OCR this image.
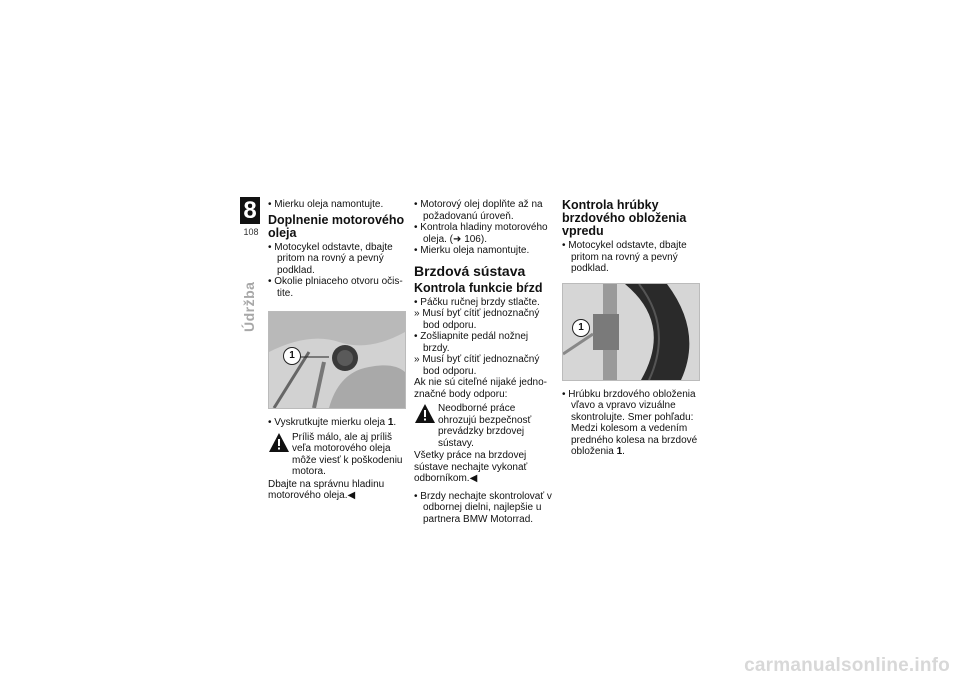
8
108
Údržba

• Mierku oleja namontujte.

Doplnenie motorového oleja

• Motocykel odstavte, dbajte pritom na rovný a pevný podklad.

• Okolie plniaceho otvoru očistite.

1

• Vyskrutkujte mierku oleja 1.

Príliš málo, ale aj príliš veľa motorového oleja môže viesť k poškodeniu motora.

Dbajte na správnu hladinu motorového oleja.◀

• Motorový olej doplňte až na požadovanú úroveň.

• Kontrola hladiny motorového oleja. (➜ 106).

• Mierku oleja namontujte.

Brzdová sústava
Kontrola funkcie bŕzd

• Páčku ručnej brzdy stlačte.

» Musí byť cítiť jednoznačný bod odporu.

• Zošliapnite pedál nožnej brzdy.

» Musí byť cítiť jednoznačný bod odporu.

Ak nie sú citeľné nijaké jednoznačné body odporu:

Neodborné práce ohrozujú bezpečnosť prevádzky brzdovej sústavy.

Všetky práce na brzdovej sústave nechajte vykonať odborníkom.◀

• Brzdy nechajte skontrolovať v odbornej dielni, najlepšie u partnera BMW Motorrad.

Kontrola hrúbky brzdového obloženia vpredu

• Motocykel odstavte, dbajte pritom na rovný a pevný podklad.

1

• Hrúbku brzdového obloženia vľavo a vpravo vizuálne skontrolujte. Smer pohľadu: Medzi kolesom a vedením predného kolesa na brzdové obloženia 1.

carmanualsonline.info
